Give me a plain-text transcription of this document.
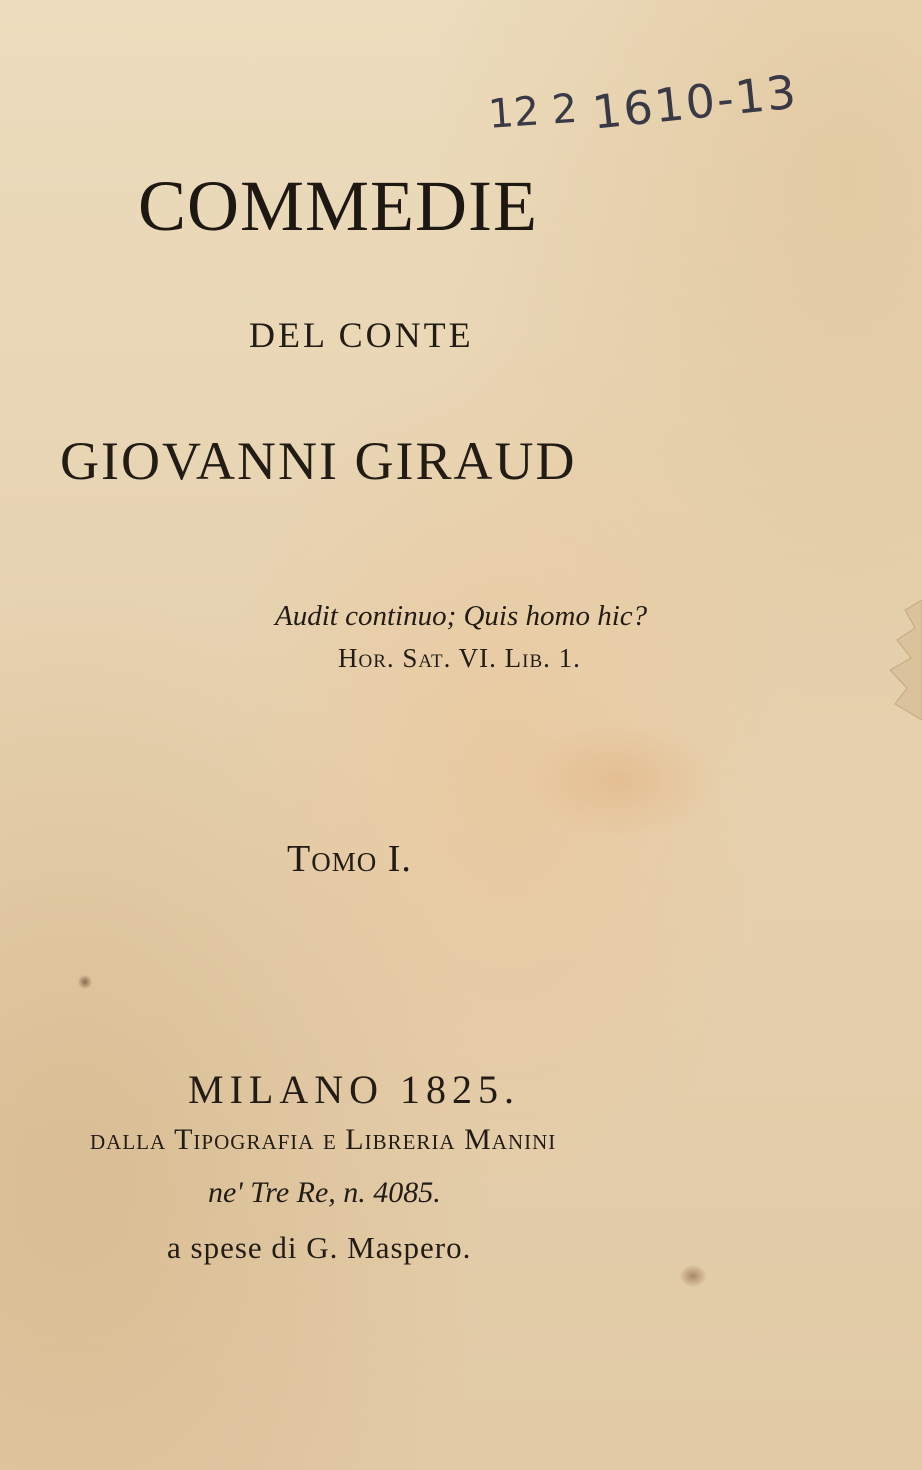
12 2 1610-13
COMMEDIE
DEL CONTE
GIOVANNI GIRAUD
Audit continuo; Quis homo hic?
Hor. Sat. VI. Lib. 1.
Tomo I.
MILANO 1825.
dalla Tipografia e Libreria Manini
ne' Tre Re, n. 4085.
a spese di G. Maspero.
